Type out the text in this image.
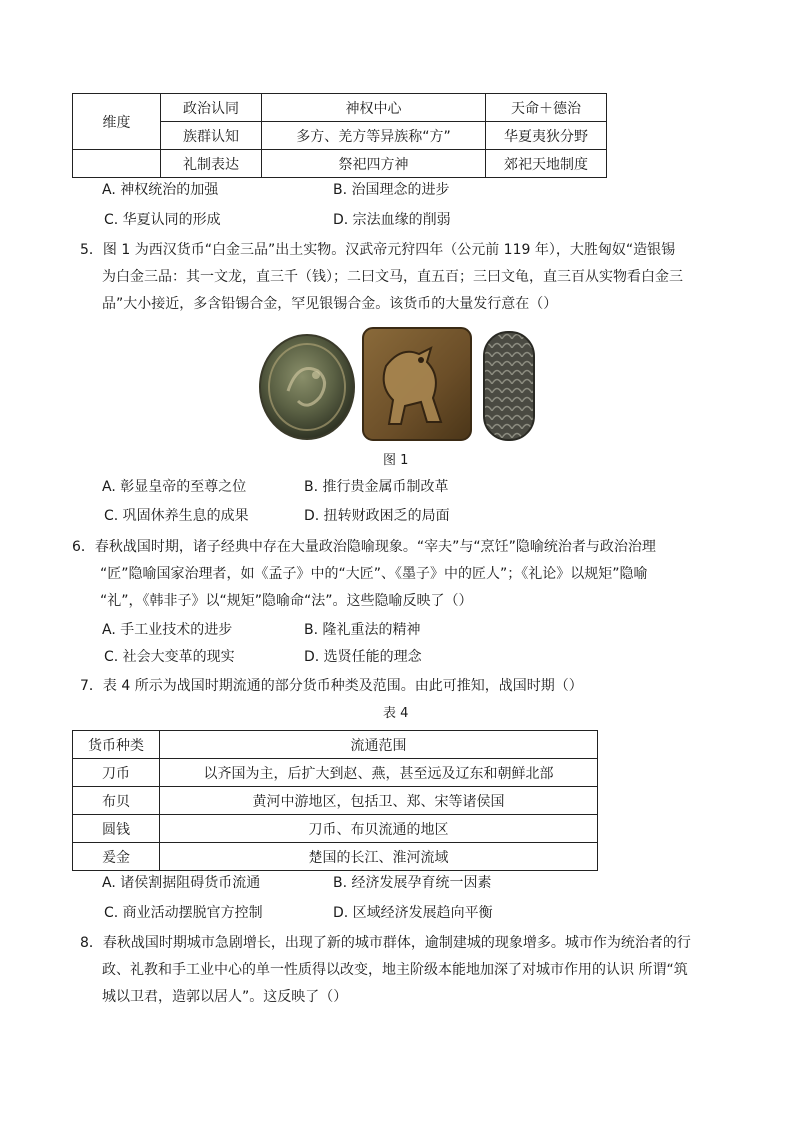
维度	政治认同	神权中心	天命＋德治
	族群认知	多方、羌方等异族称“方”	华夏夷狄分野
	礼制表达	祭祀四方神	郊祀天地制度
A. 神权统治的加强	B. 治国理念的进步
C. 华夏认同的形成	D. 宗法血缘的削弱
5．图 1 为西汉货币“白金三品”出土实物。汉武帝元狩四年（公元前 119 年），大胜匈奴“造银锡
为白金三品：其一文龙，直三千（钱）；二曰文马，直五百；三曰文龟，直三百从实物看白金三
品”大小接近，多含铅锡合金，罕见银锡合金。该货币的大量发行意在（）
图 1
A. 彰显皇帝的至尊之位	B. 推行贵金属币制改革
C. 巩固休养生息的成果	D. 扭转财政困乏的局面
6．春秋战国时期，诸子经典中存在大量政治隐喻现象。“宰夫”与“烹饪”隐喻统治者与政治治理
“匠”隐喻国家治理者，如《孟子》中的“大匠”、《墨子》中的匠人”；《礼论》以规矩”隐喻
“礼”，《韩非子》以“规矩”隐喻命“法”。这些隐喻反映了（）
A. 手工业技术的进步	B. 隆礼重法的精神
C. 社会大变革的现实	D. 选贤任能的理念
7．表 4 所示为战国时期流通的部分货币种类及范围。由此可推知，战国时期（）
表 4
货币种类	流通范围
刀币	以齐国为主，后扩大到赵、燕，甚至远及辽东和朝鲜北部
布贝	黄河中游地区，包括卫、郑、宋等诸侯国
圆钱	刀币、布贝流通的地区
爰金	楚国的长江、淮河流域
A. 诸侯割据阻碍货币流通	B. 经济发展孕育统一因素
C. 商业活动摆脱官方控制	D. 区域经济发展趋向平衡
8．春秋战国时期城市急剧增长，出现了新的城市群体，逾制建城的现象增多。城市作为统治者的行
政、礼教和手工业中心的单一性质得以改变，地主阶级本能地加深了对城市作用的认识 所谓“筑
城以卫君，造郭以居人”。这反映了（）
